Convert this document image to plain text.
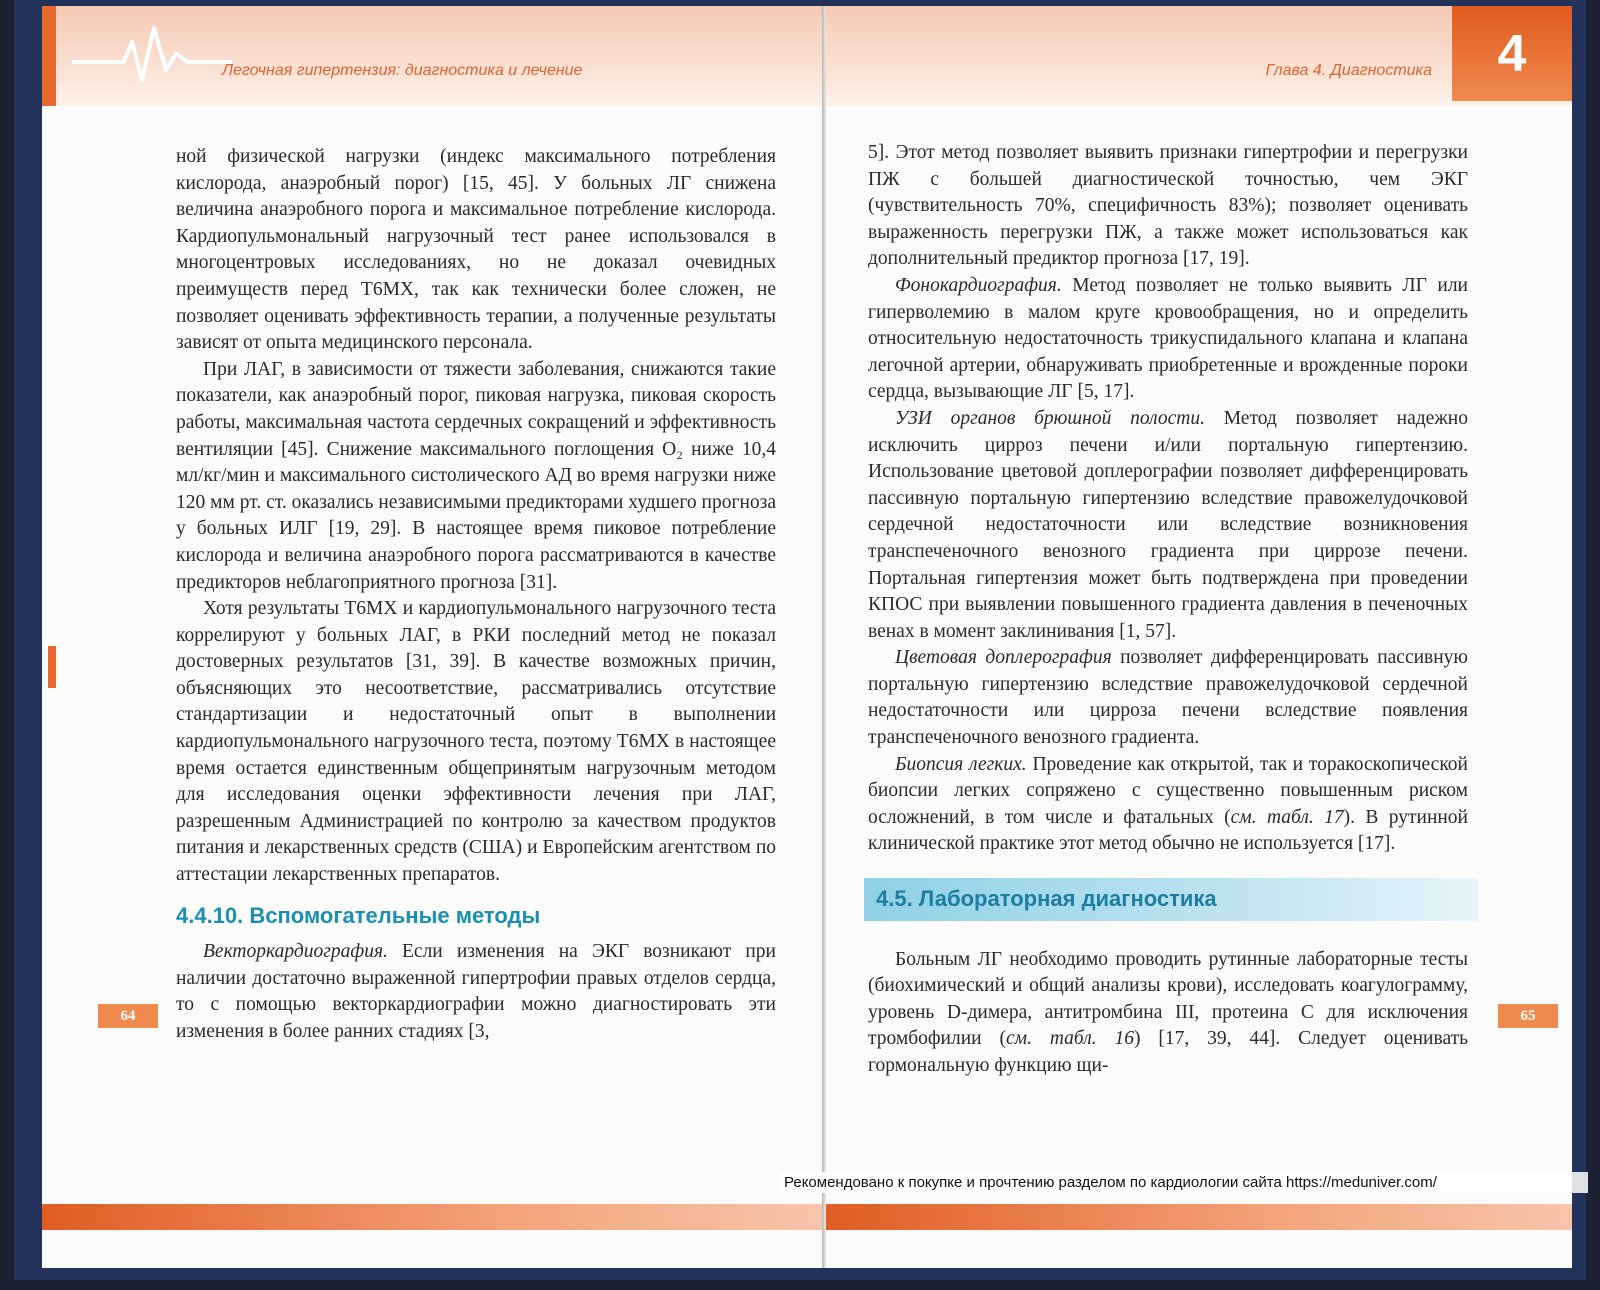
Легочная гипертензия: диагностика и лечение

ной физической нагрузки (индекс максимального потребления кислорода, анаэробный порог) [15, 45]. У больных ЛГ снижена величина анаэробного порога и максимальное потребление кислорода. Кардиопульмональный нагрузочный тест ранее использовался в многоцентровых исследованиях, но не доказал очевидных преимуществ перед Т6МХ, так как технически более сложен, не позволяет оценивать эффективность терапии, а полученные результаты зависят от опыта медицинского персонала.

При ЛАГ, в зависимости от тяжести заболевания, снижаются такие показатели, как анаэробный порог, пиковая нагрузка, пиковая скорость работы, максимальная частота сердечных сокращений и эффективность вентиляции [45]. Снижение максимального поглощения O₂ ниже 10,4 мл/кг/мин и максимального систолического АД во время нагрузки ниже 120 мм рт. ст. оказались независимыми предикторами худшего прогноза у больных ИЛГ [19, 29]. В настоящее время пиковое потребление кислорода и величина анаэробного порога рассматриваются в качестве предикторов неблагоприятного прогноза [31].

Хотя результаты Т6МХ и кардиопульмонального нагрузочного теста коррелируют у больных ЛАГ, в РКИ последний метод не показал достоверных результатов [31, 39]. В качестве возможных причин, объясняющих это несоответствие, рассматривались отсутствие стандартизации и недостаточный опыт в выполнении кардиопульмонального нагрузочного теста, поэтому Т6МХ в настоящее время остается единственным общепринятым нагрузочным методом для исследования оценки эффективности лечения при ЛАГ, разрешенным Администрацией по контролю за качеством продуктов питания и лекарственных средств (США) и Европейским агентством по аттестации лекарственных препаратов.

4.4.10. Вспомогательные методы

Векторкардиография. Если изменения на ЭКГ возникают при наличии достаточно выраженной гипертрофии правых отделов сердца, то с помощью векторкардиографии можно диагностировать эти изменения в более ранних стадиях [3,

64
Глава 4. Диагностика 4

5]. Этот метод позволяет выявить признаки гипертрофии и перегрузки ПЖ с большей диагностической точностью, чем ЭКГ (чувствительность 70%, специфичность 83%); позволяет оценивать выраженность перегрузки ПЖ, а также может использоваться как дополнительный предиктор прогноза [17, 19].

Фонокардиография. Метод позволяет не только выявить ЛГ или гиперволемию в малом круге кровообращения, но и определить относительную недостаточность трикуспидального клапана и клапана легочной артерии, обнаруживать приобретенные и врожденные пороки сердца, вызывающие ЛГ [5, 17].

УЗИ органов брюшной полости. Метод позволяет надежно исключить цирроз печени и/или портальную гипертензию. Использование цветовой доплерографии позволяет дифференцировать пассивную портальную гипертензию вследствие правожелудочковой сердечной недостаточности или вследствие возникновения транспеченочного венозного градиента при циррозе печени. Портальная гипертензия может быть подтверждена при проведении КПОС при выявлении повышенного градиента давления в печеночных венах в момент заклинивания [1, 57].

Цветовая доплерография позволяет дифференцировать пассивную портальную гипертензию вследствие правожелудочковой сердечной недостаточности или цирроза печени вследствие появления транспеченочного венозного градиента.

Биопсия легких. Проведение как открытой, так и торакоскопической биопсии легких сопряжено с существенно повышенным риском осложнений, в том числе и фатальных (см. табл. 17). В рутинной клинической практике этот метод обычно не используется [17].

4.5. Лабораторная диагностика

Больным ЛГ необходимо проводить рутинные лабораторные тесты (биохимический и общий анализы крови), исследовать коагулограмму, уровень D-димера, антитромбина III, протеина С для исключения тромбофилии (см. табл. 16) [17, 39, 44]. Следует оценивать гормональную функцию щи-

65
Рекомендовано к покупке и прочтению разделом по кардиологии сайта https://meduniver.com/
